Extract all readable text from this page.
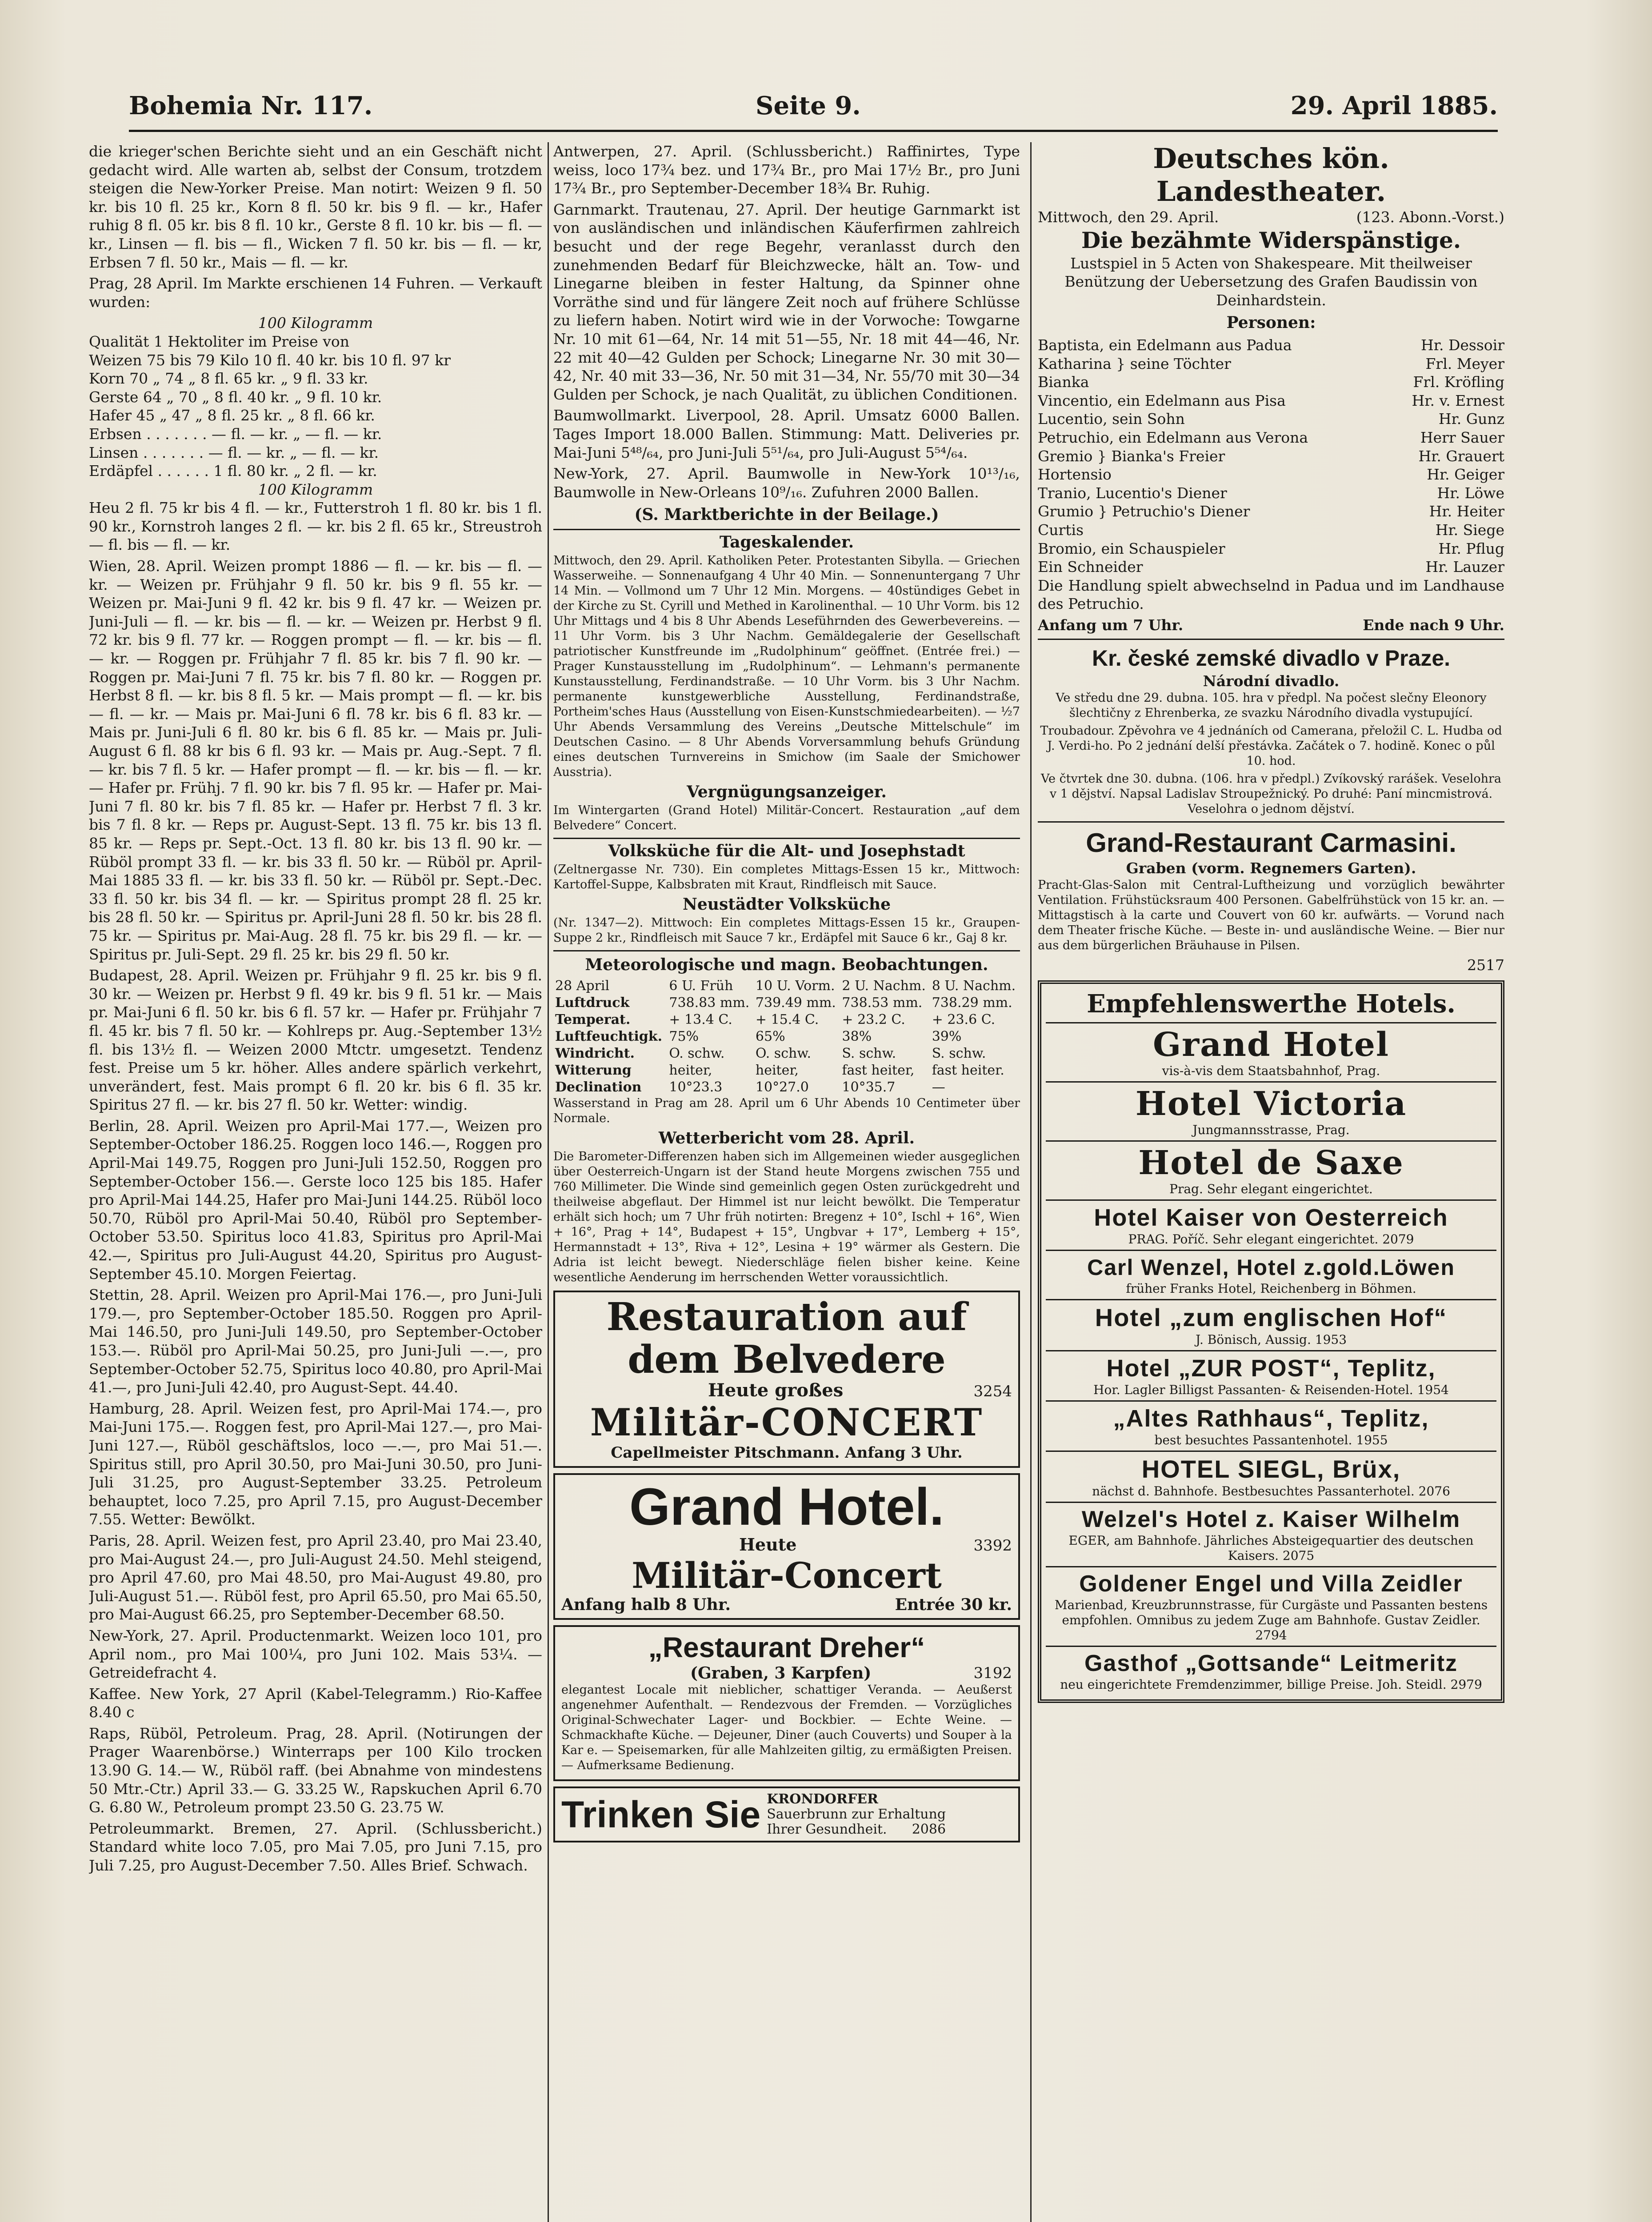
Bohemia Nr. 117.	Seite 9.	29. April 1885.

die krieger'schen Berichte sieht und an ein Geschäft nicht gedacht wird. Alle warten ab, selbst der Consum, trotzdem steigen die New-Yorker Preise. Man notirt: Weizen 9 fl. 50 kr. bis 10 fl. 25 kr., Korn 8 fl. 50 kr. bis 9 fl. — kr., Hafer ruhig 8 fl. 05 kr. bis 8 fl. 10 kr., Gerste 8 fl. 10 kr. bis — fl. — kr., Linsen — fl. bis — fl., Wicken 7 fl. 50 kr. bis — fl. — kr, Erbsen 7 fl. 50 kr., Mais — fl. — kr.

Prag, 28 April. Im Markte erschienen 14 Fuhren. — Verkauft wurden:

100 Kilogramm
Qualität 1 Hektoliter im Preise von
Weizen 75 bis 79 Kilo 10 fl. 40 kr. bis 10 fl. 97 kr
Korn 70 „ 74 „ 8 fl. 65 kr. „ 9 fl. 33 kr.
Gerste 64 „ 70 „ 8 fl. 40 kr. „ 9 fl. 10 kr.
Hafer 45 „ 47 „ 8 fl. 25 kr. „ 8 fl. 66 kr.
Erbsen . . . . . . . — fl. — kr. „ — fl. — kr.
Linsen . . . . . . . — fl. — kr. „ — fl. — kr.
Erdäpfel . . . . . . 1 fl. 80 kr. „ 2 fl. — kr.
100 Kilogramm

Heu 2 fl. 75 kr bis 4 fl. — kr., Futterstroh 1 fl. 80 kr. bis 1 fl. 90 kr., Kornstroh langes 2 fl. — kr. bis 2 fl. 65 kr., Streustroh — fl. bis — fl. — kr.

Wien, 28. April. Weizen prompt 1886 — fl. — kr. bis — fl. — kr. — Weizen pr. Frühjahr 9 fl. 50 kr. bis 9 fl. 55 kr. — Weizen pr. Mai-Juni 9 fl. 42 kr. bis 9 fl. 47 kr. — Weizen pr. Juni-Juli — fl. — kr. bis — fl. — kr. — Weizen pr. Herbst 9 fl. 72 kr. bis 9 fl. 77 kr. — Roggen prompt — fl. — kr. bis — fl. — kr. — Roggen pr. Frühjahr 7 fl. 85 kr. bis 7 fl. 90 kr. — Roggen pr. Mai-Juni 7 fl. 75 kr. bis 7 fl. 80 kr. — Roggen pr. Herbst 8 fl. — kr. bis 8 fl. 5 kr. — Mais prompt — fl. — kr. bis — fl. — kr. — Mais pr. Mai-Juni 6 fl. 78 kr. bis 6 fl. 83 kr. — Mais pr. Juni-Juli 6 fl. 80 kr. bis 6 fl. 85 kr. — Mais pr. Juli-August 6 fl. 88 kr bis 6 fl. 93 kr. — Mais pr. Aug.-Sept. 7 fl. — kr. bis 7 fl. 5 kr. — Hafer prompt — fl. — kr. bis — fl. — kr. — Hafer pr. Frühj. 7 fl. 90 kr. bis 7 fl. 95 kr. — Hafer pr. Mai-Juni 7 fl. 80 kr. bis 7 fl. 85 kr. — Hafer pr. Herbst 7 fl. 3 kr. bis 7 fl. 8 kr. — Reps pr. August-Sept. 13 fl. 75 kr. bis 13 fl. 85 kr. — Reps pr. Sept.-Oct. 13 fl. 80 kr. bis 13 fl. 90 kr. — Rüböl prompt 33 fl. — kr. bis 33 fl. 50 kr. — Rüböl pr. April-Mai 1885 33 fl. — kr. bis 33 fl. 50 kr. — Rüböl pr. Sept.-Dec. 33 fl. 50 kr. bis 34 fl. — kr. — Spiritus prompt 28 fl. 25 kr. bis 28 fl. 50 kr. — Spiritus pr. April-Juni 28 fl. 50 kr. bis 28 fl. 75 kr. — Spiritus pr. Mai-Aug. 28 fl. 75 kr. bis 29 fl. — kr. — Spiritus pr. Juli-Sept. 29 fl. 25 kr. bis 29 fl. 50 kr.

Budapest, 28. April. Weizen pr. Frühjahr 9 fl. 25 kr. bis 9 fl. 30 kr. — Weizen pr. Herbst 9 fl. 49 kr. bis 9 fl. 51 kr. — Mais pr. Mai-Juni 6 fl. 50 kr. bis 6 fl. 57 kr. — Hafer pr. Frühjahr 7 fl. 45 kr. bis 7 fl. 50 kr. — Kohlreps pr. Aug.-September 13½ fl. bis 13½ fl. — Weizen 2000 Mtctr. umgesetzt. Tendenz fest. Preise um 5 kr. höher. Alles andere spärlich verkehrt, unverändert, fest. Mais prompt 6 fl. 20 kr. bis 6 fl. 35 kr. Spiritus 27 fl. — kr. bis 27 fl. 50 kr. Wetter: windig.

Berlin, 28. April. Weizen pro April-Mai 177.—, Weizen pro September-October 186.25. Roggen loco 146.—, Roggen pro April-Mai 149.75, Roggen pro Juni-Juli 152.50, Roggen pro September-October 156.—. Gerste loco 125 bis 185. Hafer pro April-Mai 144.25, Hafer pro Mai-Juni 144.25. Rüböl loco 50.70, Rüböl pro April-Mai 50.40, Rüböl pro September-October 53.50. Spiritus loco 41.83, Spiritus pro April-Mai 42.—, Spiritus pro Juli-August 44.20, Spiritus pro August-September 45.10. Morgen Feiertag.

Stettin, 28. April. Weizen pro April-Mai 176.—, pro Juni-Juli 179.—, pro September-October 185.50. Roggen pro April-Mai 146.50, pro Juni-Juli 149.50, pro September-October 153.—. Rüböl pro April-Mai 50.25, pro Juni-Juli —.—, pro September-October 52.75, Spiritus loco 40.80, pro April-Mai 41.—, pro Juni-Juli 42.40, pro August-Sept. 44.40.

Hamburg, 28. April. Weizen fest, pro April-Mai 174.—, pro Mai-Juni 175.—. Roggen fest, pro April-Mai 127.—, pro Mai-Juni 127.—, Rüböl geschäftslos, loco —.—, pro Mai 51.—. Spiritus still, pro April 30.50, pro Mai-Juni 30.50, pro Juni-Juli 31.25, pro August-September 33.25. Petroleum behauptet, loco 7.25, pro April 7.15, pro August-December 7.55. Wetter: Bewölkt.

Paris, 28. April. Weizen fest, pro April 23.40, pro Mai 23.40, pro Mai-August 24.—, pro Juli-August 24.50. Mehl steigend, pro April 47.60, pro Mai 48.50, pro Mai-August 49.80, pro Juli-August 51.—. Rüböl fest, pro April 65.50, pro Mai 65.50, pro Mai-August 66.25, pro September-December 68.50.

New-York, 27. April. Productenmarkt. Weizen loco 101, pro April nom., pro Mai 100¼, pro Juni 102. Mais 53¼. — Getreidefracht 4.

Kaffee. New York, 27 April (Kabel-Telegramm.) Rio-Kaffee 8.40 c

Raps, Rüböl, Petroleum. Prag, 28. April. (Notirungen der Prager Waarenbörse.) Winterraps per 100 Kilo trocken 13.90 G. 14.— W., Rüböl raff. (bei Abnahme von mindestens 50 Mtr.-Ctr.) April 33.— G. 33.25 W., Rapskuchen April 6.70 G. 6.80 W., Petroleum prompt 23.50 G. 23.75 W.

Petroleummarkt. Bremen, 27. April. (Schlussbericht.) Standard white loco 7.05, pro Mai 7.05, pro Juni 7.15, pro Juli 7.25, pro August-December 7.50. Alles Brief. Schwach.

Antwerpen, 27. April. (Schlussbericht.) Raffinirtes, Type weiss, loco 17¾ bez. und 17¾ Br., pro Mai 17½ Br., pro Juni 17¾ Br., pro September-December 18¾ Br. Ruhig.

Garnmarkt. Trautenau, 27. April. Der heutige Garnmarkt ist von ausländischen und inländischen Käuferfirmen zahlreich besucht und der rege Begehr, veranlasst durch den zunehmenden Bedarf für Bleichzwecke, hält an. Tow- und Linegarne bleiben in fester Haltung, da Spinner ohne Vorräthe sind und für längere Zeit noch auf frühere Schlüsse zu liefern haben. Notirt wird wie in der Vorwoche: Towgarne Nr. 10 mit 61—64, Nr. 14 mit 51—55, Nr. 18 mit 44—46, Nr. 22 mit 40—42 Gulden per Schock; Linegarne Nr. 30 mit 30—42, Nr. 40 mit 33—36, Nr. 50 mit 31—34, Nr. 55/70 mit 30—34 Gulden per Schock, je nach Qualität, zu üblichen Conditionen.

Baumwollmarkt. Liverpool, 28. April. Umsatz 6000 Ballen. Tages Import 18.000 Ballen. Stimmung: Matt. Deliveries pr. Mai-Juni 5⁴⁸/₆₄, pro Juni-Juli 5⁵¹/₆₄, pro Juli-August 5⁵⁴/₆₄.

New-York, 27. April. Baumwolle in New-York 10¹³/₁₆, Baumwolle in New-Orleans 10⁹/₁₆. Zufuhren 2000 Ballen.

(S. Marktberichte in der Beilage.)
Tageskalender.

Mittwoch, den 29. April. Katholiken Peter. Protestanten Sibylla. — Griechen Wasserweihe. — Sonnenaufgang 4 Uhr 40 Min. — Sonnenuntergang 7 Uhr 14 Min. — Vollmond um 7 Uhr 12 Min. Morgens. — 40stündiges Gebet in der Kirche zu St. Cyrill und Methed in Karolinenthal. — 10 Uhr Vorm. bis 12 Uhr Mittags und 4 bis 8 Uhr Abends Leseführnden des Gewerbevereins. — 11 Uhr Vorm. bis 3 Uhr Nachm. Gemäldegalerie der Gesellschaft patriotischer Kunstfreunde im „Rudolphinum“ geöffnet. (Entrée frei.) — Prager Kunstausstellung im „Rudolphinum“. — Lehmann's permanente Kunstausstellung, Ferdinandstraße. — 10 Uhr Vorm. bis 3 Uhr Nachm. permanente kunstgewerbliche Ausstellung, Ferdinandstraße, Portheim'sches Haus (Ausstellung von Eisen-Kunstschmiedearbeiten). — ½7 Uhr Abends Versammlung des Vereins „Deutsche Mittelschule“ im Deutschen Casino. — 8 Uhr Abends Vorversammlung behufs Gründung eines deutschen Turnvereins in Smichow (im Saale der Smichower Ausstria).

Vergnügungsanzeiger.

Im Wintergarten (Grand Hotel) Militär-Concert. Restauration „auf dem Belvedere“ Concert.

Volksküche für die Alt- und Josephstadt

(Zeltnergasse Nr. 730). Ein completes Mittags-Essen 15 kr., Mittwoch: Kartoffel-Suppe, Kalbsbraten mit Kraut, Rindfleisch mit Sauce.

Neustädter Volksküche

(Nr. 1347—2). Mittwoch: Ein completes Mittags-Essen 15 kr., Graupen-Suppe 2 kr., Rindfleisch mit Sauce 7 kr., Erdäpfel mit Sauce 6 kr., Gaj 8 kr.

Meteorologische und magn. Beobachtungen.
28 April	6 U. Früh	10 U. Vorm.	2 U. Nachm.	8 U. Nachm.
Luftdruck	738.83 mm.	739.49 mm.	738.53 mm.	738.29 mm.
Temperat.	+ 13.4 C.	+ 15.4 C.	+ 23.2 C.	+ 23.6 C.
Luftfeuchtigk.	75%	65%	38%	39%
Windricht.	O. schw.	O. schw.	S. schw.	S. schw.
Witterung	heiter,	heiter,	fast heiter,	fast heiter.
Declination	10°23.3	10°27.0	10°35.7	—

Wasserstand in Prag am 28. April um 6 Uhr Abends 10 Centimeter über Normale.

Wetterbericht vom 28. April.

Die Barometer-Differenzen haben sich im Allgemeinen wieder ausgeglichen über Oesterreich-Ungarn ist der Stand heute Morgens zwischen 755 und 760 Millimeter. Die Winde sind gemeinlich gegen Osten zurückgedreht und theilweise abgeflaut. Der Himmel ist nur leicht bewölkt. Die Temperatur erhält sich hoch; um 7 Uhr früh notirten: Bregenz + 10°, Ischl + 16°, Wien + 16°, Prag + 14°, Budapest + 15°, Ungbvar + 17°, Lemberg + 15°, Hermannstadt + 13°, Riva + 12°, Lesina + 19° wärmer als Gestern. Die Adria ist leicht bewegt. Niederschläge fielen bisher keine. Keine wesentliche Aenderung im herrschenden Wetter voraussichtlich.

Restauration auf dem Belvedere
Heute großes	3254
Militär-CONCERT
Capellmeister Pitschmann. Anfang 3 Uhr.
Grand Hotel.
Heute	3392
Militär-Concert
Anfang halb 8 Uhr.	Entrée 30 kr.
„Restaurant Dreher“
(Graben, 3 Karpfen)	3192

elegantest Locale mit nieblicher, schattiger Veranda. — Aeußerst angenehmer Aufenthalt. — Rendezvous der Fremden. — Vorzügliches Original-Schwechater Lager- und Bockbier. — Echte Weine. — Schmackhafte Küche. — Dejeuner, Diner (auch Couverts) und Souper à la Kar e. — Speisemarken, für alle Mahlzeiten giltig, zu ermäßigten Preisen. — Aufmerksame Bedienung.

Trinken Sie KRONDORFER
Sauerbrunn zur Erhaltung
Ihrer Gesundheit. 2086
Deutsches kön. Landestheater.
Mittwoch, den 29. April.	(123. Abonn.-Vorst.)
Die bezähmte Widerspänstige.

Lustspiel in 5 Acten von Shakespeare. Mit theilweiser Benützung der Uebersetzung des Grafen Baudissin von Deinhardstein.

Personen:
Baptista, ein Edelmann aus Padua	Hr. Dessoir
Katharina } seine Töchter	Frl. Meyer
Bianka	Frl. Kröfling
Vincentio, ein Edelmann aus Pisa	Hr. v. Ernest
Lucentio, sein Sohn	Hr. Gunz
Petruchio, ein Edelmann aus Verona	Herr Sauer
Gremio } Bianka's Freier	Hr. Grauert
Hortensio	Hr. Geiger
Tranio, Lucentio's Diener	Hr. Löwe
Grumio } Petruchio's Diener	Hr. Heiter
Curtis	Hr. Siege
Bromio, ein Schauspieler	Hr. Pflug
Ein Schneider	Hr. Lauzer

Die Handlung spielt abwechselnd in Padua und im Landhause des Petruchio.

Anfang um 7 Uhr.	Ende nach 9 Uhr.
Kr. české zemské divadlo v Praze.
Národní divadlo.

Ve středu dne 29. dubna. 105. hra v předpl. Na počest slečny Eleonory šlechtičny z Ehrenberka, ze svazku Národního divadla vystupující.

Troubadour. Zpěvohra ve 4 jednáních od Camerana, přeložil C. L. Hudba od J. Verdi-ho. Po 2 jednání delší přestávka. Začátek o 7. hodině. Konec o půl 10. hod.

Ve čtvrtek dne 30. dubna. (106. hra v předpl.) Zvíkovský rarášek. Veselohra v 1 dějství. Napsal Ladislav Stroupežnický. Po druhé: Paní mincmistrová. Veselohra o jednom dějství.

Grand-Restaurant Carmasini.
Graben (vorm. Regnemers Garten).

Pracht-Glas-Salon mit Central-Luftheizung und vorzüglich bewährter Ventilation. Frühstücksraum 400 Personen. Gabelfrühstück von 15 kr. an. — Mittagstisch à la carte und Couvert von 60 kr. aufwärts. — Vorund nach dem Theater frische Küche. — Beste in- und ausländische Weine. — Bier nur aus dem bürgerlichen Bräuhause in Pilsen.

2517
Empfehlenswerthe Hotels.
Grand Hotel
vis-à-vis dem Staatsbahnhof, Prag.
Hotel Victoria
Jungmannsstrasse, Prag.
Hotel de Saxe
Prag. Sehr elegant eingerichtet.
Hotel Kaiser von Oesterreich
PRAG. Poříč. Sehr elegant eingerichtet. 2079
Carl Wenzel, Hotel z.gold.Löwen
früher Franks Hotel, Reichenberg in Böhmen.
Hotel „zum englischen Hof“
J. Bönisch, Aussig. 1953
Hotel „ZUR POST“, Teplitz,
Hor. Lagler Billigst Passanten- & Reisenden-Hotel. 1954
„Altes Rathhaus“, Teplitz,
best besuchtes Passantenhotel. 1955
HOTEL SIEGL, Brüx,
nächst d. Bahnhofe. Bestbesuchtes Passanterhotel. 2076
Welzel's Hotel z. Kaiser Wilhelm
EGER, am Bahnhofe. Jährliches Absteigequartier des deutschen Kaisers. 2075
Goldener Engel und Villa Zeidler
Marienbad, Kreuzbrunnstrasse, für Curgäste und Passanten bestens empfohlen. Omnibus zu jedem Zuge am Bahnhofe. Gustav Zeidler. 2794
Gasthof „Gottsande“ Leitmeritz
neu eingerichtete Fremdenzimmer, billige Preise. Joh. Steidl. 2979
